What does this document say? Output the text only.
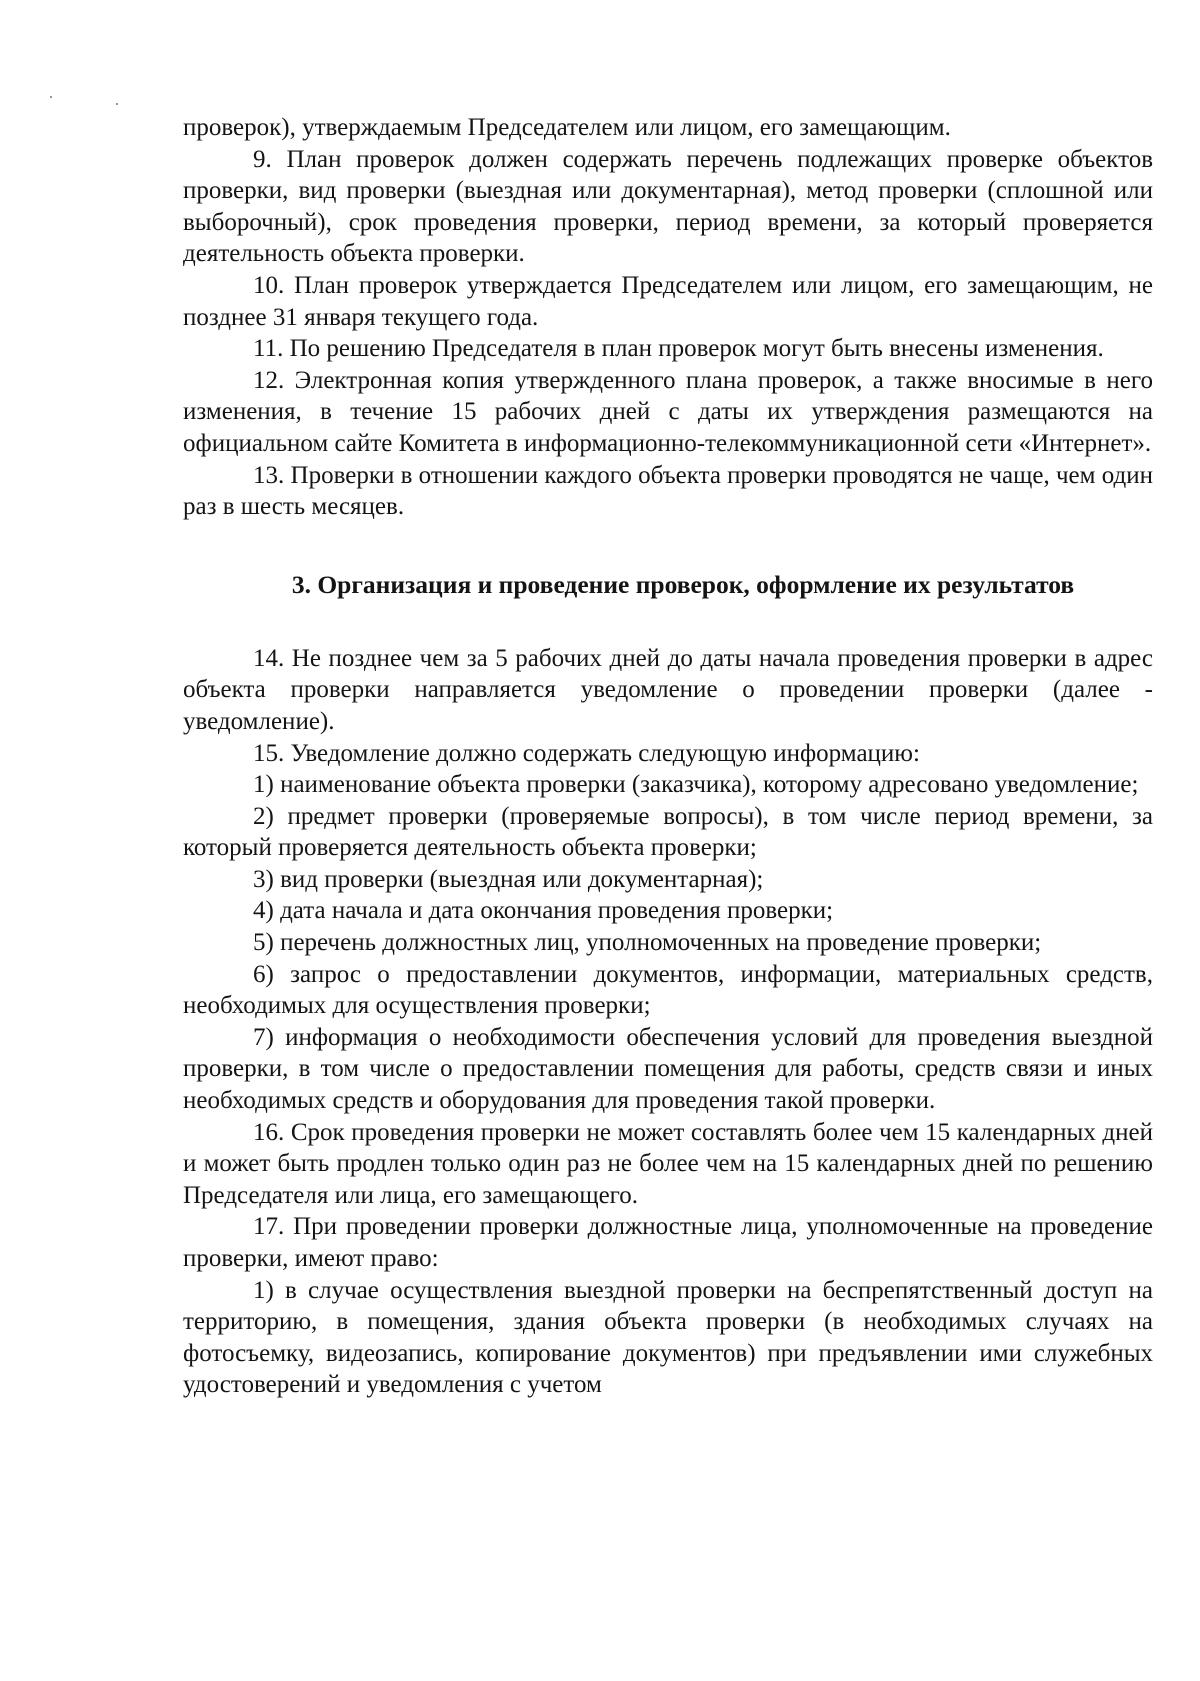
проверок), утверждаемым Председателем или лицом, его замещающим.

9. План проверок должен содержать перечень подлежащих проверке объектов проверки, вид проверки (выездная или документарная), метод проверки (сплошной или выборочный), срок проведения проверки, период времени, за который проверяется деятельность объекта проверки.

10. План проверок утверждается Председателем или лицом, его замещающим, не позднее 31 января текущего года.

11. По решению Председателя в план проверок могут быть внесены изменения.

12. Электронная копия утвержденного плана проверок, а также вносимые в него изменения, в течение 15 рабочих дней с даты их утверждения размещаются на официальном сайте Комитета в информационно-телекоммуникационной сети «Интернет».

13. Проверки в отношении каждого объекта проверки проводятся не чаще, чем один раз в шесть месяцев.

3. Организация и проведение проверок, оформление их результатов

14. Не позднее чем за 5 рабочих дней до даты начала проведения проверки в адрес объекта проверки направляется уведомление о проведении проверки (далее - уведомление).

15. Уведомление должно содержать следующую информацию:

1) наименование объекта проверки (заказчика), которому адресовано уведомление;

2) предмет проверки (проверяемые вопросы), в том числе период времени, за который проверяется деятельность объекта проверки;

3) вид проверки (выездная или документарная);

4) дата начала и дата окончания проведения проверки;

5) перечень должностных лиц, уполномоченных на проведение проверки;

6) запрос о предоставлении документов, информации, материальных средств, необходимых для осуществления проверки;

7) информация о необходимости обеспечения условий для проведения выездной проверки, в том числе о предоставлении помещения для работы, средств связи и иных необходимых средств и оборудования для проведения такой проверки.

16. Срок проведения проверки не может составлять более чем 15 календарных дней и может быть продлен только один раз не более чем на 15 календарных дней по решению Председателя или лица, его замещающего.

17. При проведении проверки должностные лица, уполномоченные на проведение проверки, имеют право:

1) в случае осуществления выездной проверки на беспрепятственный доступ на территорию, в помещения, здания объекта проверки (в необходимых случаях на фотосъемку, видеозапись, копирование документов) при предъявлении ими служебных удостоверений и уведомления с учетом
